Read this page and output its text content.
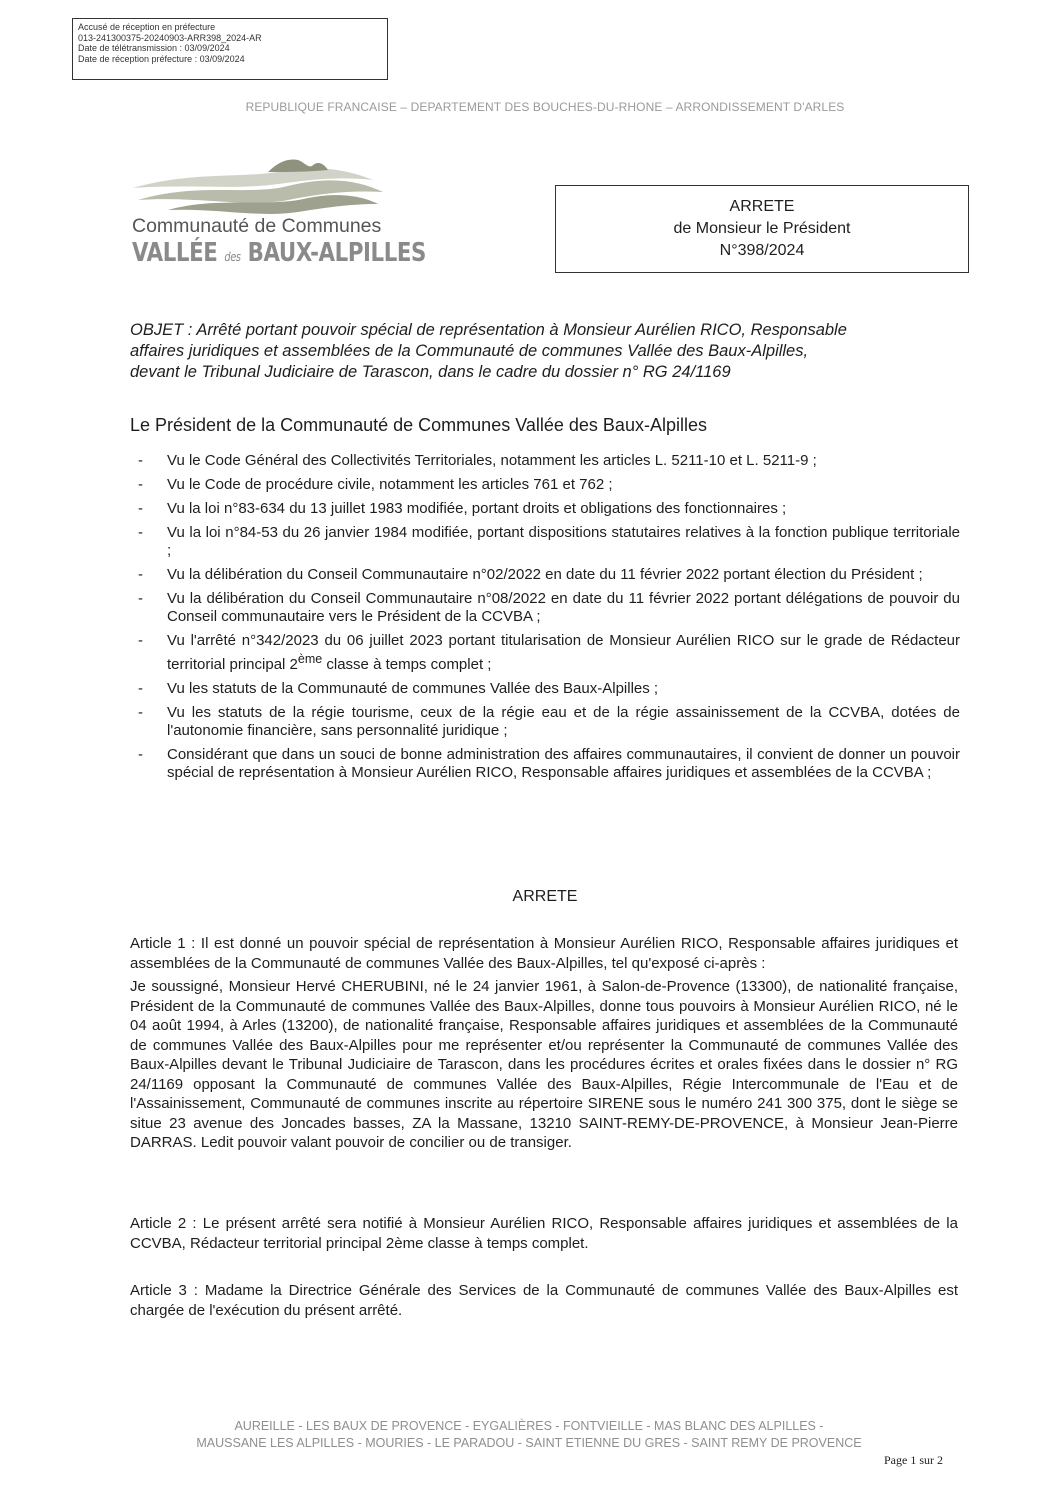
Accusé de réception en préfecture
013-241300375-20240903-ARR398_2024-AR
Date de télétransmission : 03/09/2024
Date de réception préfecture : 03/09/2024
REPUBLIQUE FRANCAISE – DEPARTEMENT DES BOUCHES-DU-RHONE – ARRONDISSEMENT D'ARLES
Communauté de Communes
VALLÉE des BAUX-ALPILLES
ARRETE
de Monsieur le Président
N°398/2024
OBJET : Arrêté portant pouvoir spécial de représentation à Monsieur Aurélien RICO, Responsable
affaires juridiques et assemblées de la Communauté de communes Vallée des Baux-Alpilles,
devant le Tribunal Judiciaire de Tarascon, dans le cadre du dossier n° RG 24/1169
Le Président de la Communauté de Communes Vallée des Baux-Alpilles
- Vu le Code Général des Collectivités Territoriales, notamment les articles L. 5211-10 et L. 5211-9 ;
- Vu le Code de procédure civile, notamment les articles 761 et 762 ;
- Vu la loi n°83-634 du 13 juillet 1983 modifiée, portant droits et obligations des fonctionnaires ;
- Vu la loi n°84-53 du 26 janvier 1984 modifiée, portant dispositions statutaires relatives à la fonction publique territoriale ;
- Vu la délibération du Conseil Communautaire n°02/2022 en date du 11 février 2022 portant élection du Président ;
- Vu la délibération du Conseil Communautaire n°08/2022 en date du 11 février 2022 portant délégations de pouvoir du Conseil communautaire vers le Président de la CCVBA ;
- Vu l'arrêté n°342/2023 du 06 juillet 2023 portant titularisation de Monsieur Aurélien RICO sur le grade de Rédacteur territorial principal 2ème classe à temps complet ;
- Vu les statuts de la Communauté de communes Vallée des Baux-Alpilles ;
- Vu les statuts de la régie tourisme, ceux de la régie eau et de la régie assainissement de la CCVBA, dotées de l'autonomie financière, sans personnalité juridique ;
- Considérant que dans un souci de bonne administration des affaires communautaires, il convient de donner un pouvoir spécial de représentation à Monsieur Aurélien RICO, Responsable affaires juridiques et assemblées de la CCVBA ;
ARRETE
Article 1 : Il est donné un pouvoir spécial de représentation à Monsieur Aurélien RICO, Responsable affaires juridiques et assemblées de la Communauté de communes Vallée des Baux-Alpilles, tel qu'exposé ci-après :
Je soussigné, Monsieur Hervé CHERUBINI, né le 24 janvier 1961, à Salon-de-Provence (13300), de nationalité française, Président de la Communauté de communes Vallée des Baux-Alpilles, donne tous pouvoirs à Monsieur Aurélien RICO, né le 04 août 1994, à Arles (13200), de nationalité française, Responsable affaires juridiques et assemblées de la Communauté de communes Vallée des Baux-Alpilles pour me représenter et/ou représenter la Communauté de communes Vallée des Baux-Alpilles devant le Tribunal Judiciaire de Tarascon, dans les procédures écrites et orales fixées dans le dossier n° RG 24/1169 opposant la Communauté de communes Vallée des Baux-Alpilles, Régie Intercommunale de l'Eau et de l'Assainissement, Communauté de communes inscrite au répertoire SIRENE sous le numéro 241 300 375, dont le siège se situe 23 avenue des Joncades basses, ZA la Massane, 13210 SAINT-REMY-DE-PROVENCE, à Monsieur Jean-Pierre DARRAS. Ledit pouvoir valant pouvoir de concilier ou de transiger.
Article 2 : Le présent arrêté sera notifié à Monsieur Aurélien RICO, Responsable affaires juridiques et assemblées de la CCVBA, Rédacteur territorial principal 2ème classe à temps complet.
Article 3 : Madame la Directrice Générale des Services de la Communauté de communes Vallée des Baux-Alpilles est chargée de l'exécution du présent arrêté.
AUREILLE - LES BAUX DE PROVENCE - EYGALIÈRES - FONTVIEILLE - MAS BLANC DES ALPILLES -
MAUSSANE LES ALPILLES - MOURIES - LE PARADOU - SAINT ETIENNE DU GRES - SAINT REMY DE PROVENCE
Page 1 sur 2
